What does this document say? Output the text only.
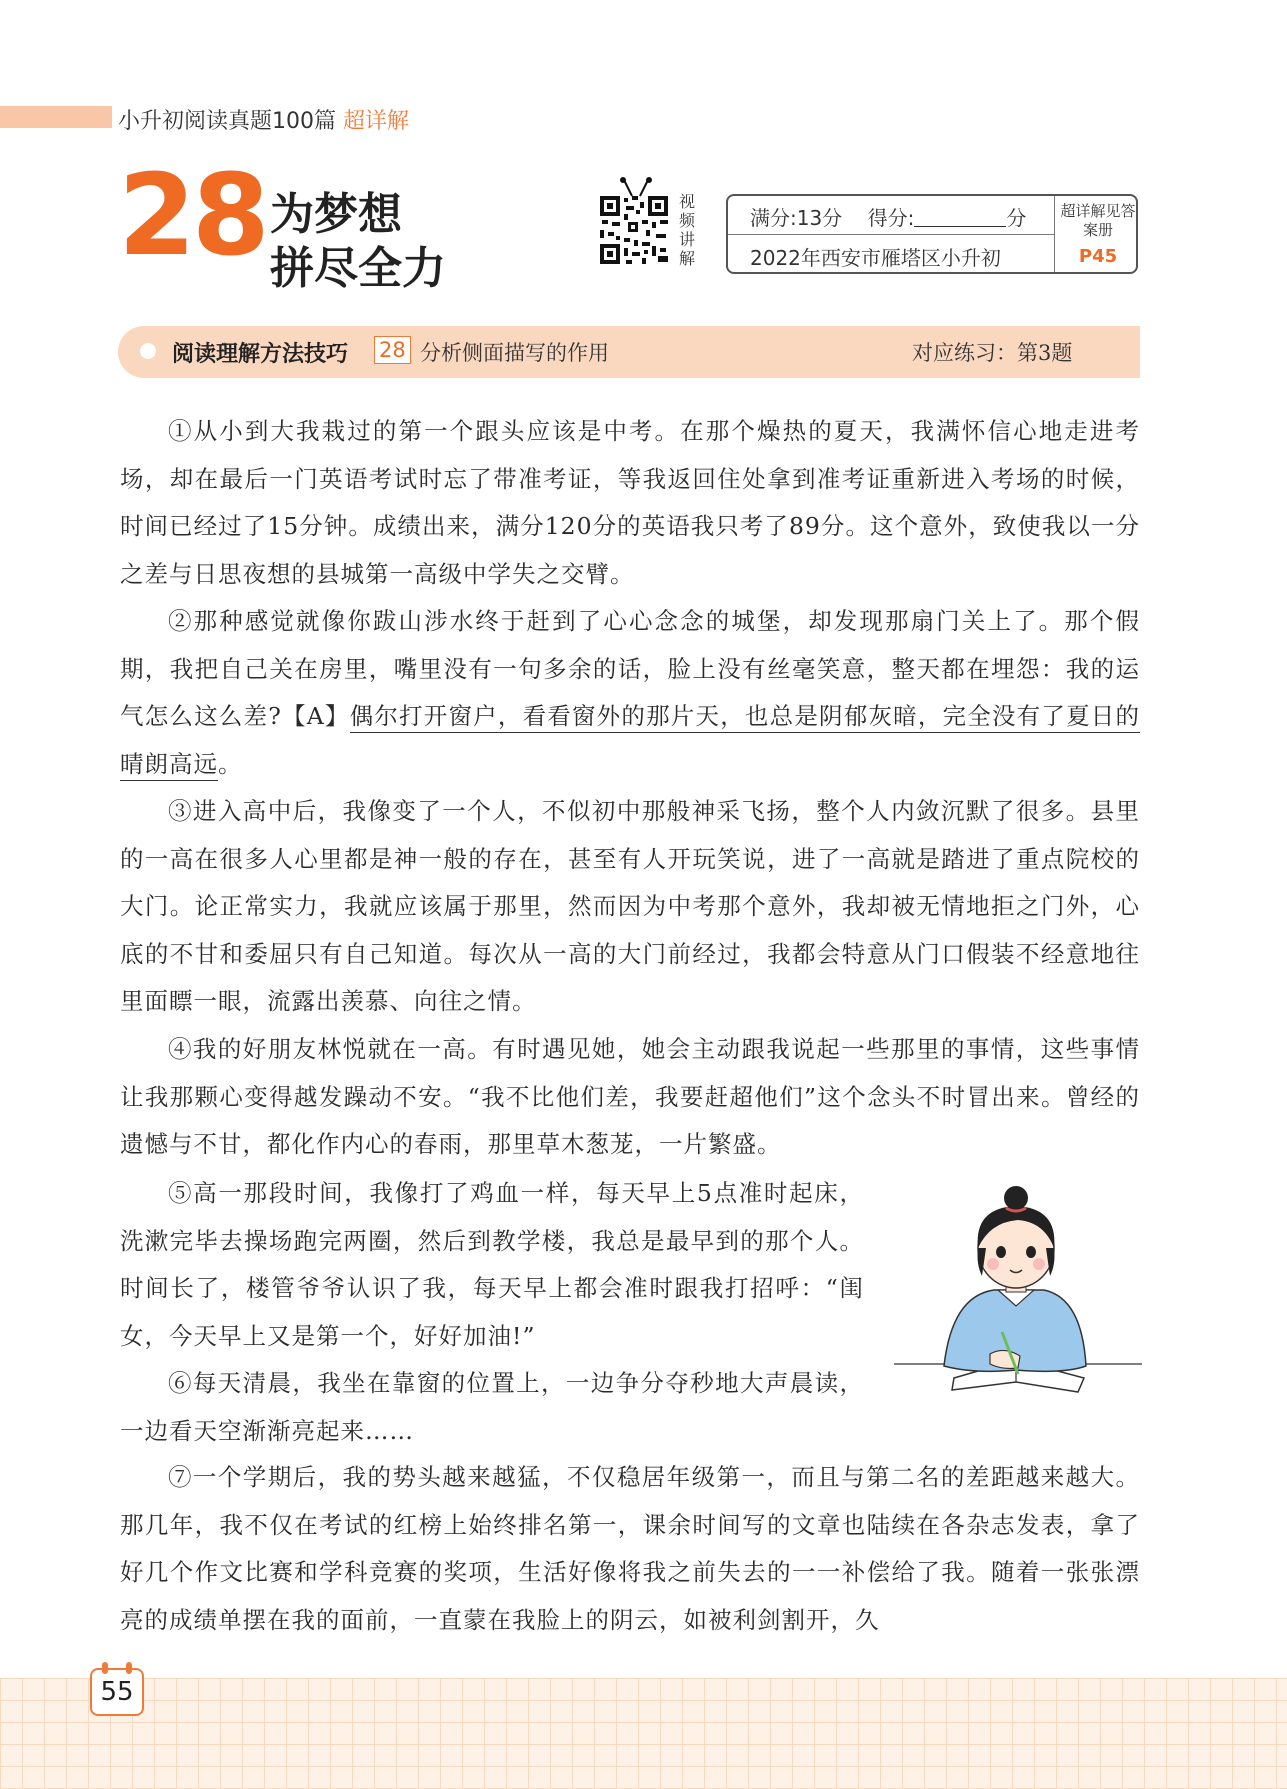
小升初阅读真题100篇 超详解
28 为梦想
拼尽全力
视频讲解
满分:13分 得分:	分
2022年西安市雁塔区小升初
超详解见答案册
P45
阅读理解方法技巧 28 分析侧面描写的作用	对应练习：第3题
①从小到大我栽过的第一个跟头应该是中考。在那个燥热的夏天，我满怀信心地走进考场，却在最后一门英语考试时忘了带准考证，等我返回住处拿到准考证重新进入考场的时候，时间已经过了15分钟。成绩出来，满分120分的英语我只考了89分。这个意外，致使我以一分之差与日思夜想的县城第一高级中学失之交臂。
②那种感觉就像你跋山涉水终于赶到了心心念念的城堡，却发现那扇门关上了。那个假期，我把自己关在房里，嘴里没有一句多余的话，脸上没有丝毫笑意，整天都在埋怨：我的运气怎么这么差?【A】偶尔打开窗户，看看窗外的那片天，也总是阴郁灰暗，完全没有了夏日的晴朗高远。
③进入高中后，我像变了一个人，不似初中那般神采飞扬，整个人内敛沉默了很多。县里的一高在很多人心里都是神一般的存在，甚至有人开玩笑说，进了一高就是踏进了重点院校的大门。论正常实力，我就应该属于那里，然而因为中考那个意外，我却被无情地拒之门外，心底的不甘和委屈只有自己知道。每次从一高的大门前经过，我都会特意从门口假装不经意地往里面瞟一眼，流露出羡慕、向往之情。
④我的好朋友林悦就在一高。有时遇见她，她会主动跟我说起一些那里的事情，这些事情让我那颗心变得越发躁动不安。“我不比他们差，我要赶超他们”这个念头不时冒出来。曾经的遗憾与不甘，都化作内心的春雨，那里草木葱茏，一片繁盛。
⑤高一那段时间，我像打了鸡血一样，每天早上5点准时起床，洗漱完毕去操场跑完两圈，然后到教学楼，我总是最早到的那个人。时间长了，楼管爷爷认识了我，每天早上都会准时跟我打招呼：“闺女，今天早上又是第一个，好好加油!”
⑥每天清晨，我坐在靠窗的位置上，一边争分夺秒地大声晨读，一边看天空渐渐亮起来……
⑦一个学期后，我的势头越来越猛，不仅稳居年级第一，而且与第二名的差距越来越大。 那几年，我不仅在考试的红榜上始终排名第一，课余时间写的文章也陆续在各杂志发表，拿了好几个作文比赛和学科竞赛的奖项，生活好像将我之前失去的一一补偿给了我。随着一张张漂亮的成绩单摆在我的面前，一直蒙在我脸上的阴云，如被利剑割开，久
55
